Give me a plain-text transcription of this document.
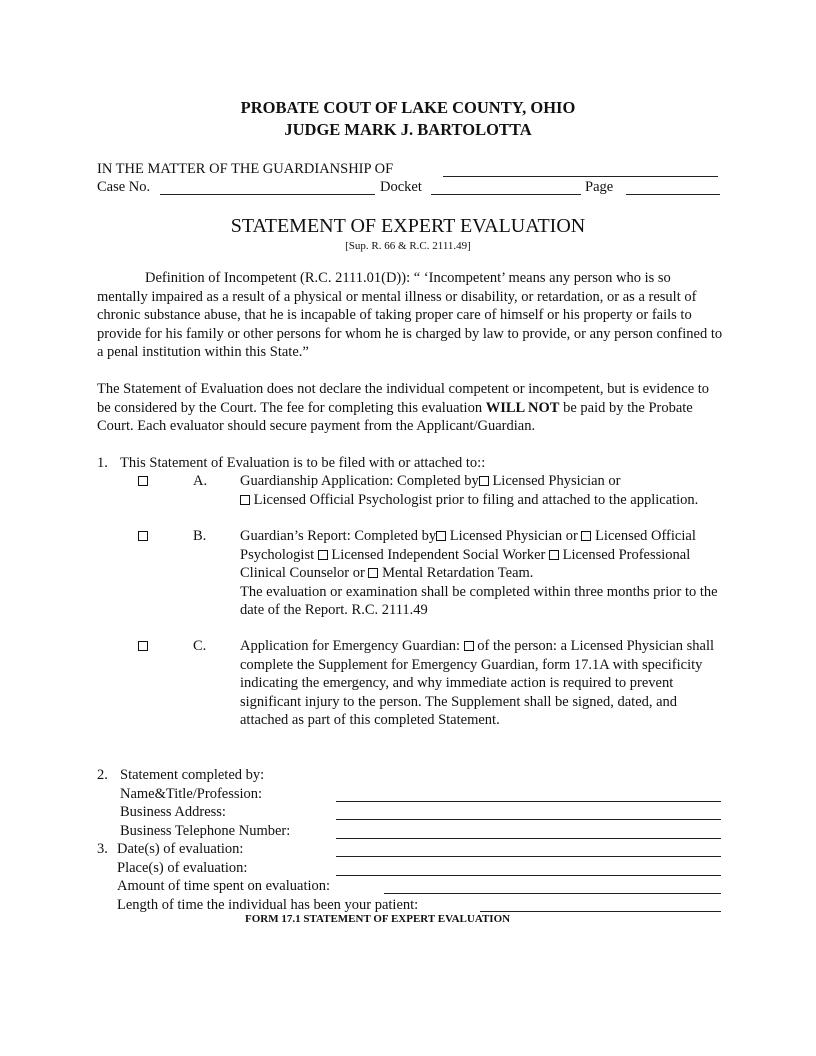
PROBATE COUT OF LAKE COUNTY, OHIO
JUDGE MARK J. BARTOLOTTA
IN THE MATTER OF THE GUARDIANSHIP OF
Case No.	Docket	Page
STATEMENT OF EXPERT EVALUATION
[Sup. R. 66 & R.C. 2111.49]

Definition of Incompetent (R.C. 2111.01(D)): “ ‘Incompetent’ means any person who is so mentally impaired as a result of a physical or mental illness or disability, or retardation, or as a result of chronic substance abuse, that he is incapable of taking proper care of himself or his property or fails to provide for his family or other persons for whom he is charged by law to provide, or any person confined to a penal institution within this State.”

The Statement of Evaluation does not declare the individual competent or incompetent, but is evidence to be considered by the Court. The fee for completing this evaluation WILL NOT be paid by the Probate Court. Each evaluator should secure payment from the Applicant/Guardian.

1. This Statement of Evaluation is to be filed with or attached to::
A. Guardianship Application: Completed by Licensed Physician or

Licensed Official Psychologist prior to filing and attached to the application.

B. Guardian’s Report: Completed by Licensed Physician or  Licensed Official Psychologist  Licensed Independent Social Worker  Licensed Professional Clinical Counselor or  Mental Retardation Team.

The evaluation or examination shall be completed within three months prior to the date of the Report. R.C. 2111.49

C. Application for Emergency Guardian:  of the person: a Licensed Physician shall complete the Supplement for Emergency Guardian, form 17.1A with specificity indicating the emergency, and why immediate action is required to prevent significant injury to the person. The Supplement shall be signed, dated, and attached as part of this completed Statement.

2. Statement completed by:
Name&Title/Profession:
Business Address:
Business Telephone Number:
3. Date(s) of evaluation:
Place(s) of evaluation:
Amount of time spent on evaluation:
Length of time the individual has been your patient:
FORM 17.1 STATEMENT OF EXPERT EVALUATION
